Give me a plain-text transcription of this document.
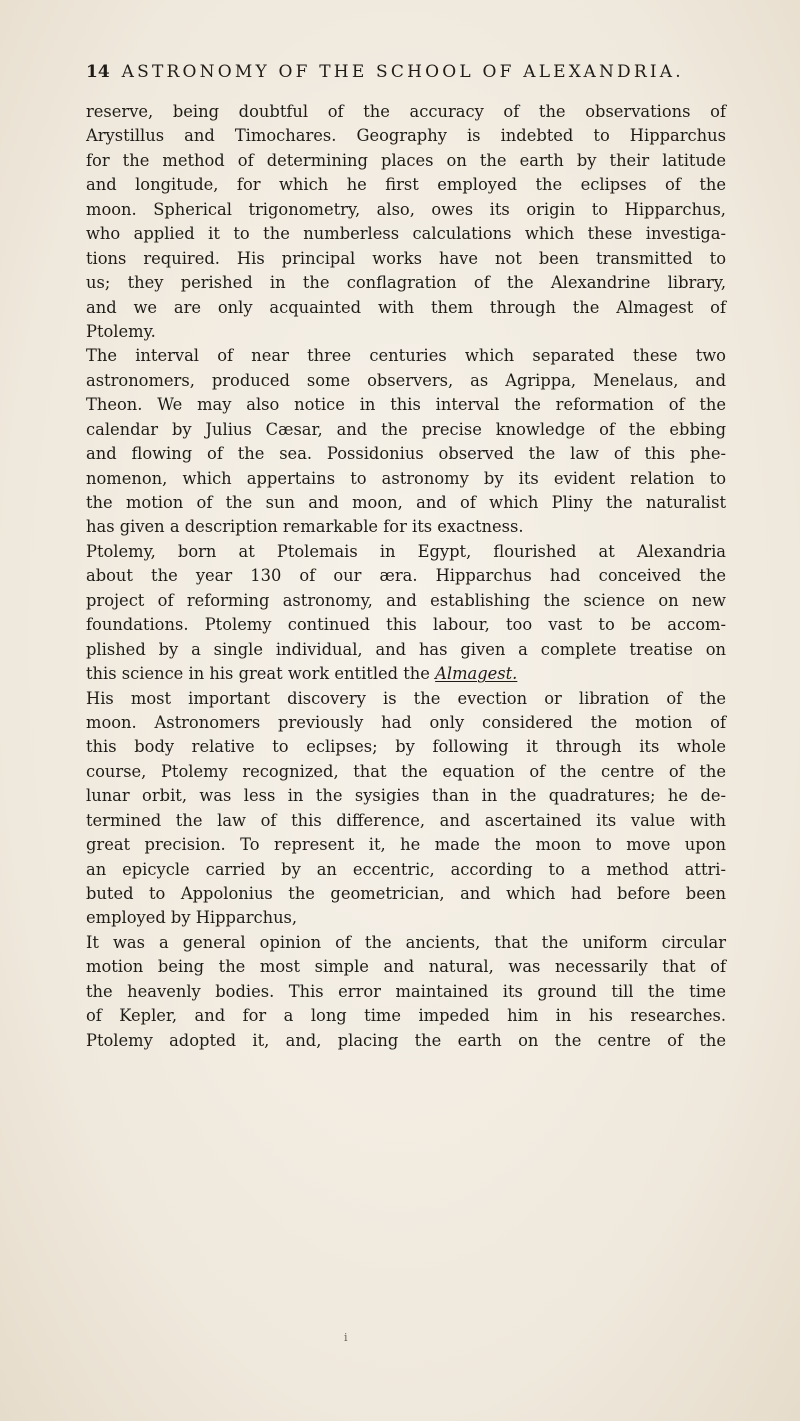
14 ASTRONOMY OF THE SCHOOL OF ALEXANDRIA.
reserve, being doubtful of the accuracy of the observations of
Arystillus and Timochares. Geography is indebted to Hipparchus
for the method of determining places on the earth by their latitude
and longitude, for which he first employed the eclipses of the
moon. Spherical trigonometry, also, owes its origin to Hipparchus,
who applied it to the numberless calculations which these investiga-
tions required. His principal works have not been transmitted to
us; they perished in the conflagration of the Alexandrine library,
and we are only acquainted with them through the Almagest of
Ptolemy.
The interval of near three centuries which separated these two
astronomers, produced some observers, as Agrippa, Menelaus, and
Theon. We may also notice in this interval the reformation of the
calendar by Julius Cæsar, and the precise knowledge of the ebbing
and flowing of the sea. Possidonius observed the law of this phe-
nomenon, which appertains to astronomy by its evident relation to
the motion of the sun and moon, and of which Pliny the naturalist
has given a description remarkable for its exactness.
Ptolemy, born at Ptolemais in Egypt, flourished at Alexandria
about the year 130 of our æra. Hipparchus had conceived the
project of reforming astronomy, and establishing the science on new
foundations. Ptolemy continued this labour, too vast to be accom-
plished by a single individual, and has given a complete treatise on
this science in his great work entitled the Almagest.
His most important discovery is the evection or libration of the
moon. Astronomers previously had only considered the motion of
this body relative to eclipses; by following it through its whole
course, Ptolemy recognized, that the equation of the centre of the
lunar orbit, was less in the sysigies than in the quadratures; he de-
termined the law of this difference, and ascertained its value with
great precision. To represent it, he made the moon to move upon
an epicycle carried by an eccentric, according to a method attri-
buted to Appolonius the geometrician, and which had before been
employed by Hipparchus,
It was a general opinion of the ancients, that the uniform circular
motion being the most simple and natural, was necessarily that of
the heavenly bodies. This error maintained its ground till the time
of Kepler, and for a long time impeded him in his researches.
Ptolemy adopted it, and, placing the earth on the centre of the
i
